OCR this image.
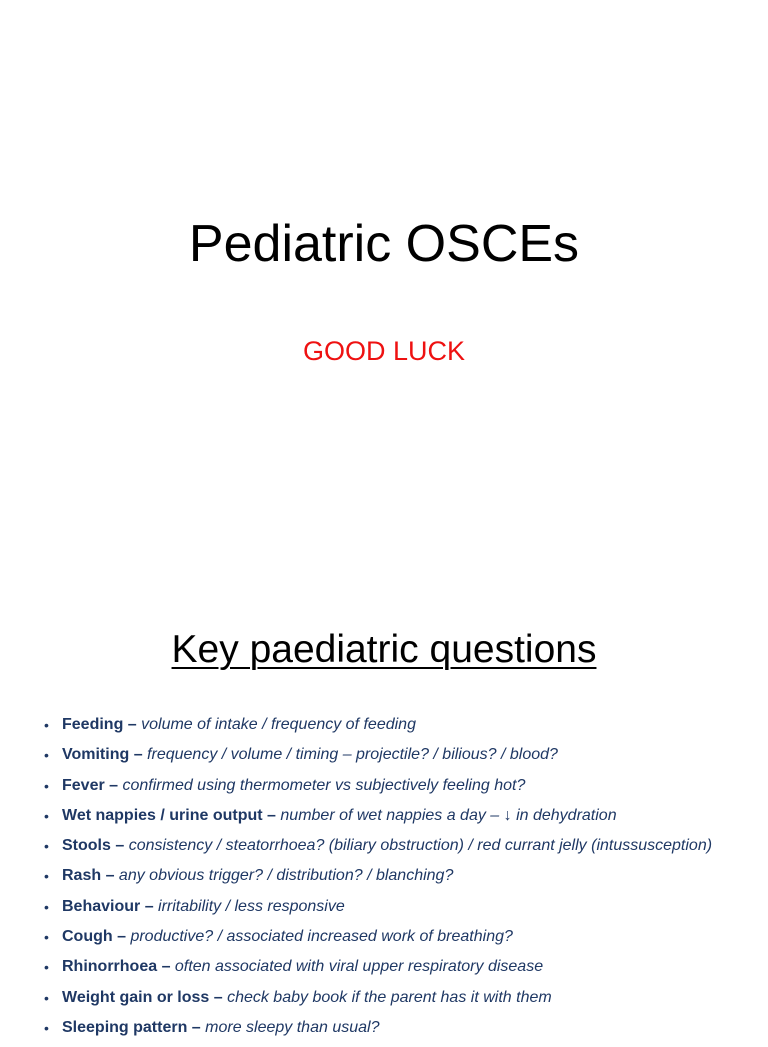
Pediatric OSCEs
GOOD LUCK
Key paediatric questions
• Feeding – volume of intake / frequency of feeding
• Vomiting – frequency / volume / timing – projectile? / bilious? / blood?
• Fever – confirmed using thermometer vs subjectively feeling hot?
• Wet nappies / urine output – number of wet nappies a day – ↓ in dehydration
• Stools – consistency / steatorrhoea? (biliary obstruction) / red currant jelly (intussusception)
• Rash – any obvious trigger? / distribution? / blanching?
• Behaviour – irritability / less responsive
• Cough – productive? / associated increased work of breathing?
• Rhinorrhoea – often associated with viral upper respiratory disease
• Weight gain or loss – check baby book if the parent has it with them
• Sleeping pattern – more sleepy than usual?
